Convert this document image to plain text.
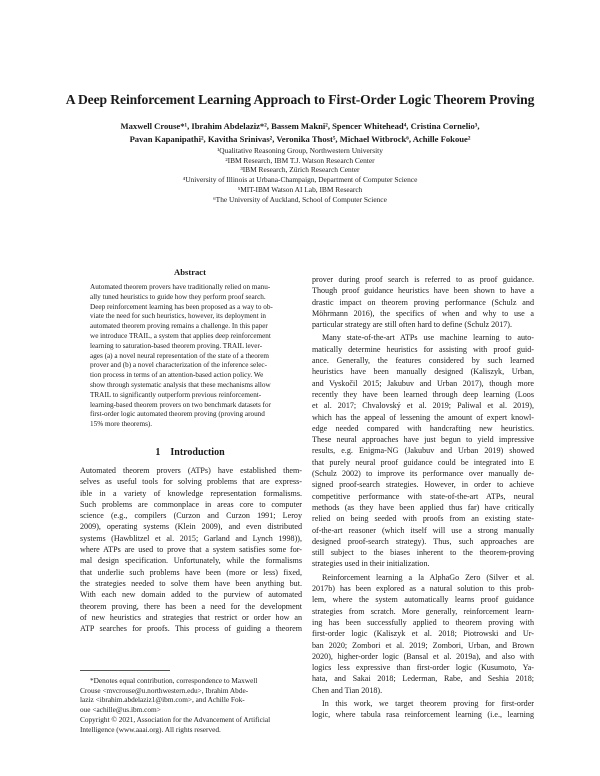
A Deep Reinforcement Learning Approach to First-Order Logic Theorem Proving
Maxwell Crouse*¹, Ibrahim Abdelaziz*², Bassem Makni², Spencer Whitehead⁴, Cristina Cornelio³,
Pavan Kapanipathi², Kavitha Srinivas², Veronika Thost⁵, Michael Witbrock⁶, Achille Fokoue²
¹Qualitative Reasoning Group, Northwestern University
²IBM Research, IBM T.J. Watson Research Center
³IBM Research, Zürich Research Center
⁴University of Illinois at Urbana-Champaign, Department of Computer Science
⁵MIT-IBM Watson AI Lab, IBM Research
⁶The University of Auckland, School of Computer Science
Abstract
Automated theorem provers have traditionally relied on manu-
ally tuned heuristics to guide how they perform proof search.
Deep reinforcement learning has been proposed as a way to ob-
viate the need for such heuristics, however, its deployment in
automated theorem proving remains a challenge. In this paper
we introduce TRAIL, a system that applies deep reinforcement
learning to saturation-based theorem proving. TRAIL lever-
ages (a) a novel neural representation of the state of a theorem
prover and (b) a novel characterization of the inference selec-
tion process in terms of an attention-based action policy. We
show through systematic analysis that these mechanisms allow
TRAIL to significantly outperform previous reinforcement-
learning-based theorem provers on two benchmark datasets for
first-order logic automated theorem proving (proving around
15% more theorems).
1 Introduction
Automated theorem provers (ATPs) have established them-
selves as useful tools for solving problems that are express-
ible in a variety of knowledge representation formalisms.
Such problems are commonplace in areas core to computer
science (e.g., compilers (Curzon and Curzon 1991; Leroy
2009), operating systems (Klein 2009), and even distributed
systems (Hawblitzel et al. 2015; Garland and Lynch 1998)),
where ATPs are used to prove that a system satisfies some for-
mal design specification. Unfortunately, while the formalisms
that underlie such problems have been (more or less) fixed,
the strategies needed to solve them have been anything but.
With each new domain added to the purview of automated
theorem proving, there has been a need for the development
of new heuristics and strategies that restrict or order how an
ATP searches for proofs. This process of guiding a theorem
*Denotes equal contribution, correspondence to Maxwell
Crouse <mvcrouse@u.northwestern.edu>, Ibrahim Abde-
laziz <ibrahim.abdelaziz1@ibm.com>, and Achille Fok-
oue <achille@us.ibm.com>
Copyright © 2021, Association for the Advancement of Artificial
Intelligence (www.aaai.org). All rights reserved.

prover during proof search is referred to as proof guidance.
Though proof guidance heuristics have been shown to have a
drastic impact on theorem proving performance (Schulz and
Möhrmann 2016), the specifics of when and why to use a
particular strategy are still often hard to define (Schulz 2017).

Many state-of-the-art ATPs use machine learning to auto-
matically determine heuristics for assisting with proof guid-
ance. Generally, the features considered by such learned
heuristics have been manually designed (Kaliszyk, Urban,
and Vyskočil 2015; Jakubuv and Urban 2017), though more
recently they have been learned through deep learning (Loos
et al. 2017; Chvalovský et al. 2019; Paliwal et al. 2019),
which has the appeal of lessening the amount of expert knowl-
edge needed compared with handcrafting new heuristics.
These neural approaches have just begun to yield impressive
results, e.g. Enigma-NG (Jakubuv and Urban 2019) showed
that purely neural proof guidance could be integrated into E
(Schulz 2002) to improve its performance over manually de-
signed proof-search strategies. However, in order to achieve
competitive performance with state-of-the-art ATPs, neural
methods (as they have been applied thus far) have critically
relied on being seeded with proofs from an existing state-
of-the-art reasoner (which itself will use a strong manually
designed proof-search strategy). Thus, such approaches are
still subject to the biases inherent to the theorem-proving
strategies used in their initialization.

Reinforcement learning a la AlphaGo Zero (Silver et al.
2017b) has been explored as a natural solution to this prob-
lem, where the system automatically learns proof guidance
strategies from scratch. More generally, reinforcement learn-
ing has been successfully applied to theorem proving with
first-order logic (Kaliszyk et al. 2018; Piotrowski and Ur-
ban 2020; Zombori et al. 2019; Zombori, Urban, and Brown
2020), higher-order logic (Bansal et al. 2019a), and also with
logics less expressive than first-order logic (Kusumoto, Ya-
hata, and Sakai 2018; Lederman, Rabe, and Seshia 2018;
Chen and Tian 2018).

In this work, we target theorem proving for first-order
logic, where tabula rasa reinforcement learning (i.e., learning
